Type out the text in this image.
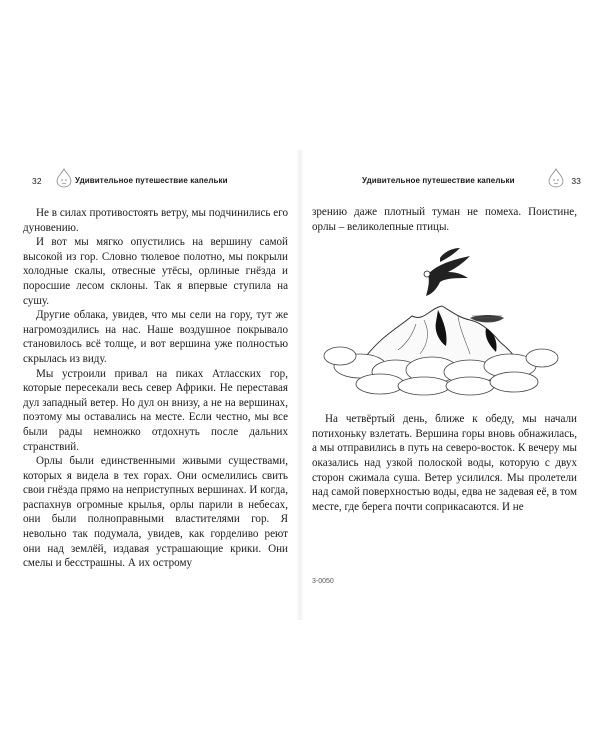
32	Удивительное путешествие капельки

Не в силах противостоять ветру, мы подчинились его дуновению.

И вот мы мягко опустились на вершину самой высокой из гор. Словно тюлевое полотно, мы покрыли холодные скалы, отвесные утёсы, орлиные гнёзда и поросшие лесом склоны. Так я впервые ступила на сушу.

Другие облака, увидев, что мы сели на гору, тут же нагромоздились на нас. Наше воздушное покрывало становилось всё толще, и вот вершина уже полностью скрылась из виду.

Мы устроили привал на пиках Атласских гор, которые пересекали весь север Африки. Не переставая дул западный ветер. Но дул он внизу, а не на вершинах, поэтому мы оставались на месте. Если честно, мы все были рады немножко отдохнуть после дальних странствий.

Орлы были единственными живыми существами, которых я видела в тех горах. Они осмелились свить свои гнёзда прямо на неприступных вершинах. И когда, распахнув огромные крылья, орлы парили в небесах, они были полноправными властителями гор. Я невольно так подумала, увидев, как горделиво реют они над землёй, издавая устрашающие крики. Они смелы и бесстрашны. А их острому

Удивительное путешествие капельки	33

зрению даже плотный туман не помеха. Поистине, орлы – великолепные птицы.

На четвёртый день, ближе к обеду, мы начали потихоньку взлетать. Вершина горы вновь обнажилась, а мы отправились в путь на северо-восток. К вечеру мы оказались над узкой полоской воды, которую с двух сторон сжимала суша. Ветер усилился. Мы пролетели над самой поверхностью воды, едва не задевая её, в том месте, где берега почти соприкасаются. И не

3-0050
